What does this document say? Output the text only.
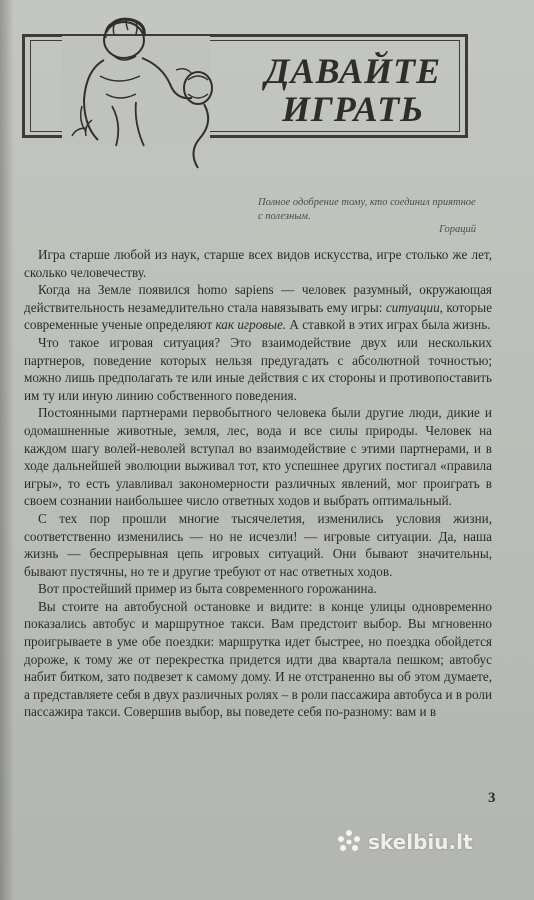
ДАВАЙТЕ
ИГРАТЬ

Полное одобрение тому, кто соединил приятное с полезным.

Гораций

Игра старше любой из наук, старше всех видов искусства, игре столько же лет, сколько человечеству.

Когда на Земле появился homo sapiens — человек разумный, окружающая действительность незамедлительно стала навязывать ему игры: ситуации, которые современные ученые определяют как игровые. А ставкой в этих играх была жизнь.

Что такое игровая ситуация? Это взаимодействие двух или нескольких партнеров, поведение которых нельзя предугадать с абсолютной точностью; можно лишь предполагать те или иные действия с их стороны и противопоставить им ту или иную линию собственного поведения.

Постоянными партнерами первобытного человека были другие люди, дикие и одомашненные животные, земля, лес, вода и все силы природы. Человек на каждом шагу волей-неволей вступал во взаимодействие с этими партнерами, и в ходе дальнейшей эволюции выживал тот, кто успешнее других постигал «правила игры», то есть улавливал закономерности различных явлений, мог проиграть в своем сознании наибольшее число ответных ходов и выбрать оптимальный.

С тех пор прошли многие тысячелетия, изменились условия жизни, соответственно изменились — но не исчезли! — игровые ситуации. Да, наша жизнь — беспрерывная цепь игровых ситуаций. Они бывают значительны, бывают пустячны, но те и другие требуют от нас ответных ходов.

Вот простейший пример из быта современного горожанина.

Вы стоите на автобусной остановке и видите: в конце улицы одновременно показались автобус и маршрутное такси. Вам предстоит выбор. Вы мгновенно проигрываете в уме обе поездки: маршрутка идет быстрее, но поездка обойдется дороже, к тому же от перекрестка придется идти два квартала пешком; автобус набит битком, зато подвезет к самому дому. И не отстраненно вы об этом думаете, а представляете себя в двух различных ролях – в роли пассажира автобуса и в роли пассажира такси. Совершив выбор, вы поведете себя по-разному: вам и в

3

skelbiu.lt
